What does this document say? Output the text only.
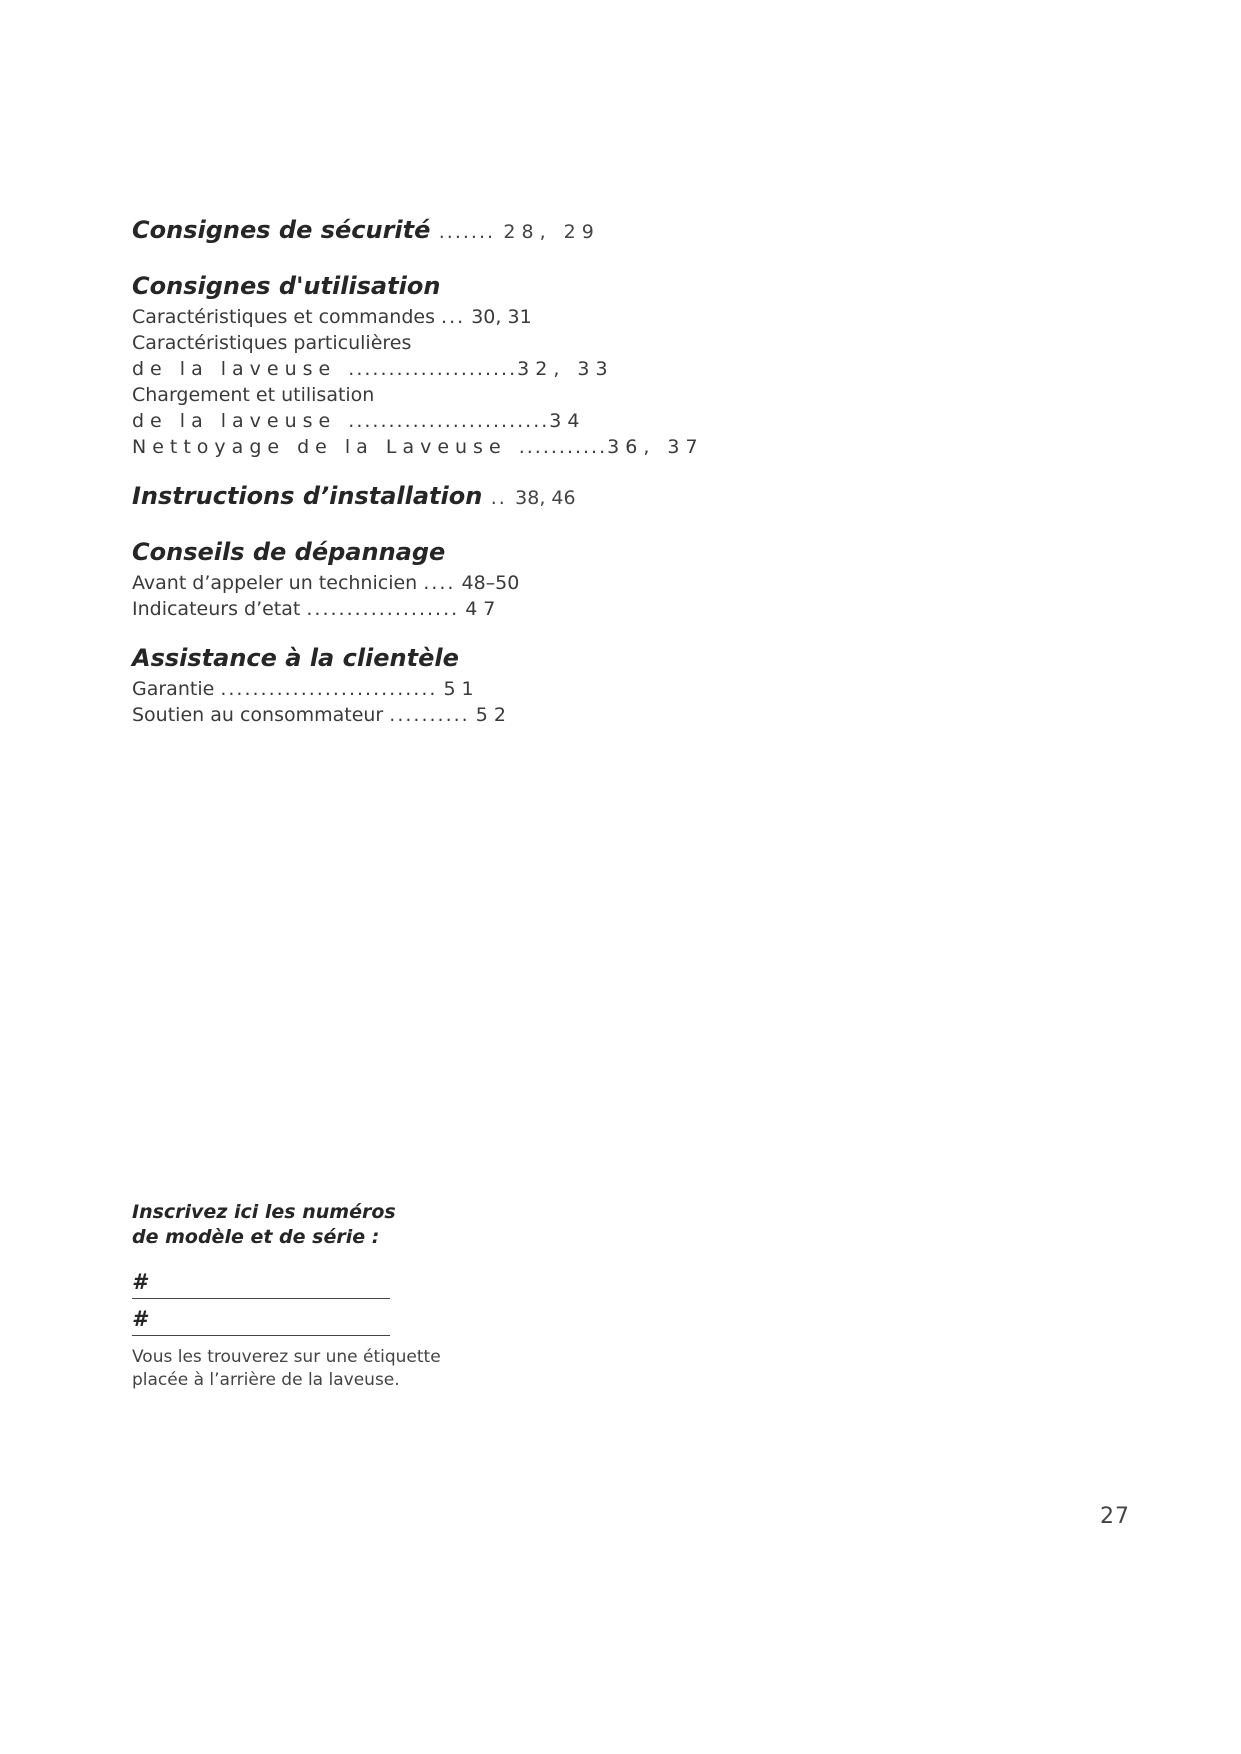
Consignes de sécurité ....... 28, 29
Consignes d'utilisation
Caractéristiques et commandes ... 30, 31
Caractéristiques particulières
de la laveuse .....................32, 33
Chargement et utilisation
de la laveuse .........................34
Nettoyage de la Laveuse ...........36, 37
Instructions d’installation .. 38, 46
Conseils de dépannage
Avant d’appeler un technicien .... 48–50
Indicateurs d’etat ................... 47
Assistance à la clientèle
Garantie ........................... 51
Soutien au consommateur .......... 52
Inscrivez ici les numéros de modèle et de série :
#
#
Vous les trouverez sur une étiquette placée à l’arrière de la laveuse.
27
